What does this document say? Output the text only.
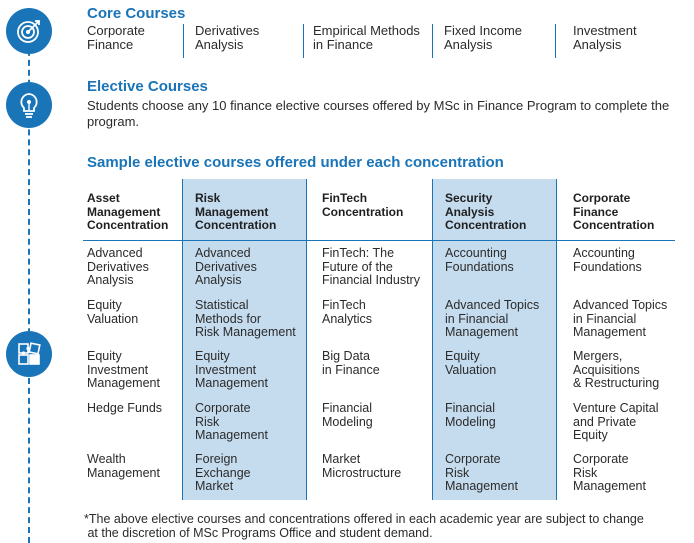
Core Courses
Corporate
Finance
Derivatives
Analysis
Empirical Methods
in Finance
Fixed Income
Analysis
Investment
Analysis
Elective Courses

Students choose any 10 finance elective courses offered by MSc in Finance Program to complete the program.

Sample elective courses offered under each concentration
Asset
Management
Concentration
Risk
Management
Concentration
FinTech
Concentration
Security
Analysis
Concentration
Corporate
Finance
Concentration
Advanced
Derivatives
Analysis
Equity
Valuation
Equity
Investment
Management
Hedge Funds
Wealth
Management
Advanced
Derivatives
Analysis
Statistical
Methods for
Risk Management
Equity
Investment
Management
Corporate
Risk
Management
Foreign
Exchange
Market
FinTech: The
Future of the
Financial Industry
FinTech
Analytics
Big Data
in Finance
Financial
Modeling
Market
Microstructure
Accounting
Foundations
Advanced Topics
in Financial
Management
Equity
Valuation
Financial
Modeling
Corporate
Risk
Management
Accounting
Foundations
Advanced Topics
in Financial
Management
Mergers,
Acquisitions
& Restructuring
Venture Capital
and Private
Equity
Corporate
Risk
Management
*The above elective courses and concentrations offered in each academic year are subject to change
at the discretion of MSc Programs Office and student demand.
